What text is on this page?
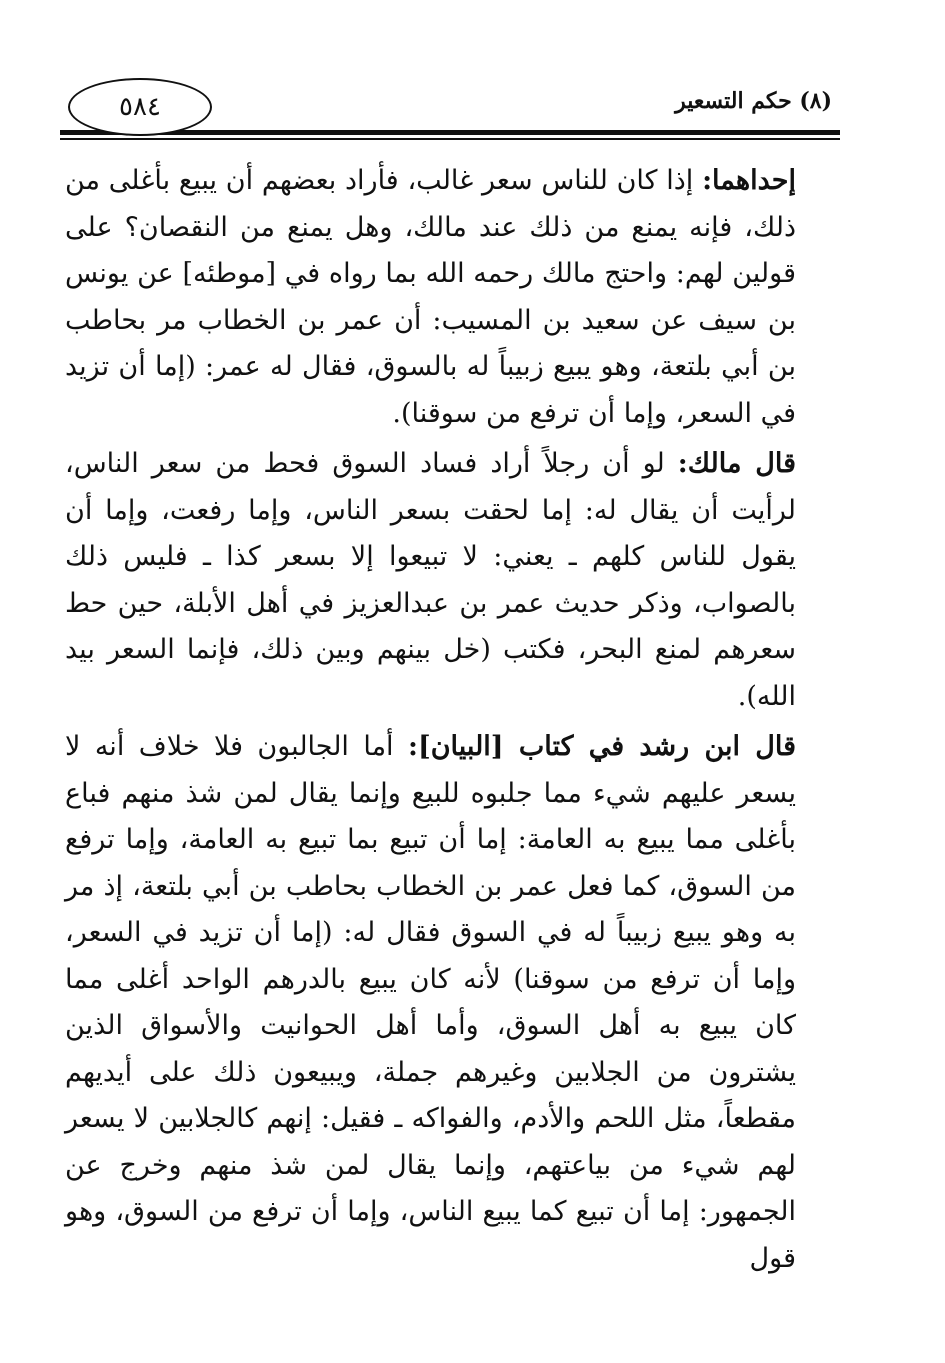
٥٨٤	(٨) حكم التسعير

إحداهما: إذا كان للناس سعر غالب، فأراد بعضهم أن يبيع بأغلى من ذلك، فإنه يمنع من ذلك عند مالك، وهل يمنع من النقصان؟ على قولين لهم: واحتج مالك رحمه الله بما رواه في [موطئه] عن يونس بن سيف عن سعيد بن المسيب: أن عمر بن الخطاب مر بحاطب بن أبي بلتعة، وهو يبيع زبيباً له بالسوق، فقال له عمر: (إما أن تزيد في السعر، وإما أن ترفع من سوقنا).

قال مالك: لو أن رجلاً أراد فساد السوق فحط من سعر الناس، لرأيت أن يقال له: إما لحقت بسعر الناس، وإما رفعت، وإما أن يقول للناس كلهم ـ يعني: لا تبيعوا إلا بسعر كذا ـ فليس ذلك بالصواب، وذكر حديث عمر بن عبدالعزيز في أهل الأبلة، حين حط سعرهم لمنع البحر، فكتب (خل بينهم وبين ذلك، فإنما السعر بيد الله).

قال ابن رشد في كتاب [البيان]: أما الجالبون فلا خلاف أنه لا يسعر عليهم شيء مما جلبوه للبيع وإنما يقال لمن شذ منهم فباع بأغلى مما يبيع به العامة: إما أن تبيع بما تبيع به العامة، وإما ترفع من السوق، كما فعل عمر بن الخطاب بحاطب بن أبي بلتعة، إذ مر به وهو يبيع زبيباً له في السوق فقال له: (إما أن تزيد في السعر، وإما أن ترفع من سوقنا) لأنه كان يبيع بالدرهم الواحد أغلى مما كان يبيع به أهل السوق، وأما أهل الحوانيت والأسواق الذين يشترون من الجلابين وغيرهم جملة، ويبيعون ذلك على أيديهم مقطعاً، مثل اللحم والأدم، والفواكه ـ فقيل: إنهم كالجلابين لا يسعر لهم شيء من بياعتهم، وإنما يقال لمن شذ منهم وخرج عن الجمهور: إما أن تبيع كما يبيع الناس، وإما أن ترفع من السوق، وهو قول
